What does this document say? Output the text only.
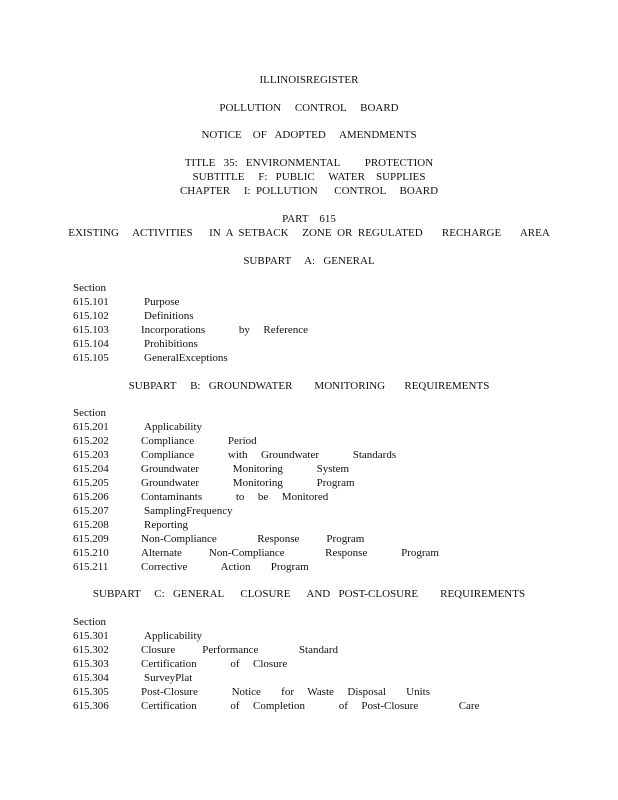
ILLINOISREGISTER
POLLUTION     CONTROL     BOARD
NOTICE    OF   ADOPTED     AMENDMENTS
TITLE   35:   ENVIRONMENTAL         PROTECTION
SUBTITLE     F:   PUBLIC     WATER    SUPPLIES
CHAPTER     I:  POLLUTION      CONTROL     BOARD
PART    615
EXISTING     ACTIVITIES      IN  A  SETBACK     ZONE  OR  REGULATED       RECHARGE       AREA
SUBPART     A:   GENERAL
Section
615.101	Purpose
615.102	Definitions
615.103	Incorporations     by  Reference
615.104	Prohibitions
615.105	GeneralExceptions
SUBPART     B:   GROUNDWATER        MONITORING       REQUIREMENTS
Section
615.201	Applicability
615.202	Compliance     Period
615.203	Compliance     with  Groundwater     Standards
615.204	Groundwater     Monitoring     System
615.205	Groundwater     Monitoring     Program
615.206	Contaminants     to  be  Monitored
615.207	SamplingFrequency
615.208	Reporting
615.209	Non-Compliance      Response    Program
615.210	Alternate    Non-Compliance      Response     Program
615.211	Corrective     Action   Program
SUBPART     C:   GENERAL      CLOSURE      AND   POST-CLOSURE        REQUIREMENTS
Section
615.301	Applicability
615.302	Closure    Performance      Standard
615.303	Certification     of  Closure
615.304	SurveyPlat
615.305	Post-Closure     Notice   for  Waste  Disposal   Units
615.306	Certification     of  Completion     of  Post-Closure      Care
